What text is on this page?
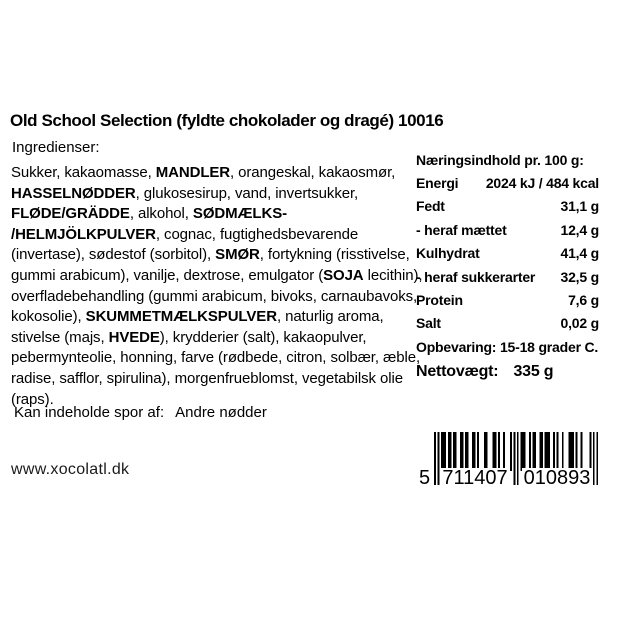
Old School Selection (fyldte chokolader og dragé) 10016
Ingredienser:
Sukker, kakaomasse, MANDLER, orangeskal, kakaosmør,
HASSELNØDDER, glukosesirup, vand, invertsukker,
FLØDE/GRÄDDE, alkohol, SØDMÆLKS-
/HELMJÖLKPULVER, cognac, fugtighedsbevarende
(invertase), sødestof (sorbitol), SMØR, fortykning (risstivelse,
gummi arabicum), vanilje, dextrose, emulgator (SOJA lecithin),
overfladebehandling (gummi arabicum, bivoks, carnaubavoks,
kokosolie), SKUMMETMÆLKSPULVER, naturlig aroma,
stivelse (majs, HVEDE), krydderier (salt), kakaopulver,
pebermynteolie, honning, farve (rødbede, citron, solbær, æble,
radise, safflor, spirulina), morgenfrueblomst, vegetabilsk olie
(raps).
Kan indeholde spor af: Andre nødder
www.xocolatl.dk
Næringsindhold pr. 100 g:
Energi 2024 kJ / 484 kcal
Fedt	31,1 g
- heraf mættet	12,4 g
Kulhydrat	41,4 g
- heraf sukkerarter 32,5 g
Protein	7,6 g
Salt	0,02 g
Opbevaring: 15-18 grader C.
Nettovægt: 335 g
5 711407 010893
